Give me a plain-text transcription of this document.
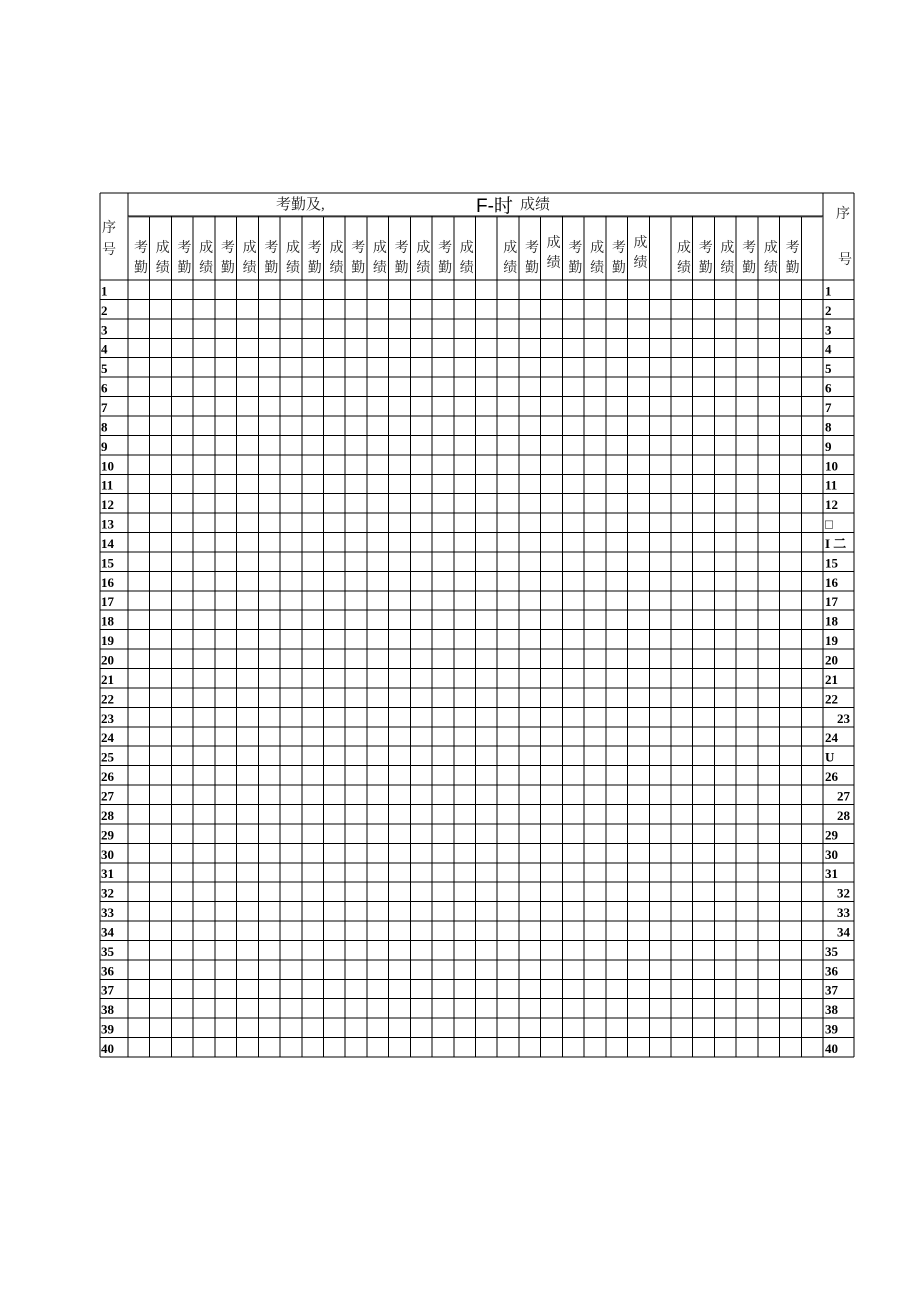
考勤及,	F-时 成绩
序
号
序
号
考
勤
成
绩
考
勤
成
绩
考
勤
成
绩
考
勤
成
绩
考
勤
成
绩
考
勤
成
绩
考
勤
成
绩
考
勤
成
绩
成
绩
考
勤
成
绩
考
勤
成
绩
考
勤
成
绩
成
绩
考
勤
成
绩
考
勤
成
绩
考
勤
1
2
3
4
5
6
7
8
9
10
11
12
13
14
15
16
17
18
19
20
21
22
23
24
25
26
27
28
29
30
31
32
33
34
35
36
37
38
39
40
1
2
3
4
5
6
7
8
9
10
11
12
□
I 二
15
16
17
18
19
20
21
22
23
24
U
26
27
28
29
30
31
32
33
34
35
36
37
38
39
40
